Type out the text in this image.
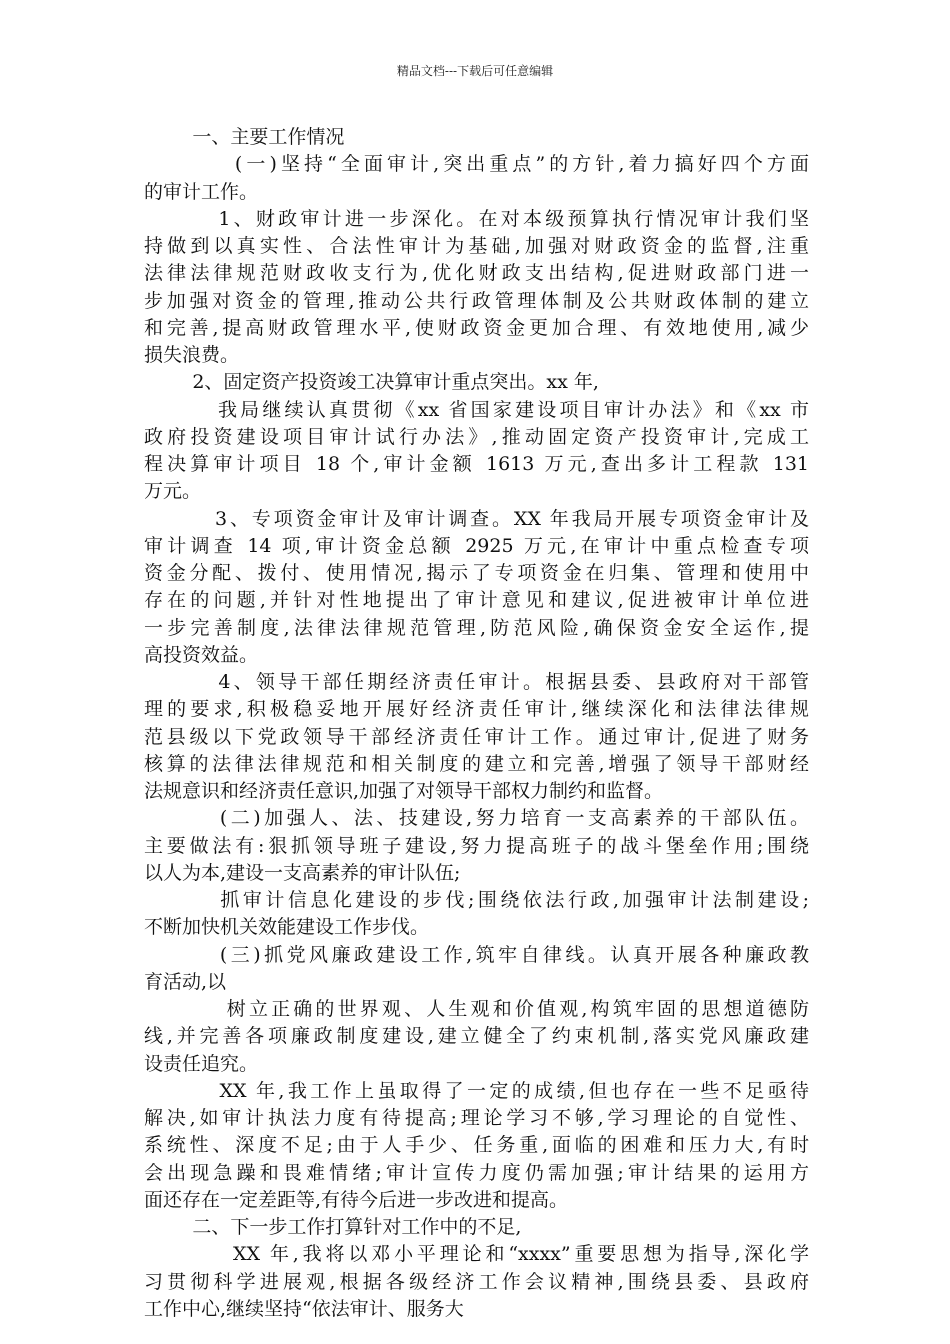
精品文档---下载后可任意编辑
一、主要工作情况
(一)坚持“全面审计,突出重点”的方针,着力搞好四个方面
的审计工作。
1、财政审计进一步深化。在对本级预算执行情况审计我们坚
持做到以真实性、合法性审计为基础,加强对财政资金的监督,注重
法律法律规范财政收支行为,优化财政支出结构,促进财政部门进一
步加强对资金的管理,推动公共行政管理体制及公共财政体制的建立
和完善,提高财政管理水平,使财政资金更加合理、有效地使用,减少
损失浪费。
2、固定资产投资竣工决算审计重点突出。xx 年,
我局继续认真贯彻《xx 省国家建设项目审计办法》和《xx 市
政府投资建设项目审计试行办法》,推动固定资产投资审计,完成工
程决算审计项目 18 个,审计金额 1613 万元,查出多计工程款 131
万元。
3、专项资金审计及审计调查。XX 年我局开展专项资金审计及
审计调查 14 项,审计资金总额 2925 万元,在审计中重点检查专项
资金分配、拨付、使用情况,揭示了专项资金在归集、管理和使用中
存在的问题,并针对性地提出了审计意见和建议,促进被审计单位进
一步完善制度,法律法律规范管理,防范风险,确保资金安全运作,提
高投资效益。
4、领导干部任期经济责任审计。根据县委、县政府对干部管
理的要求,积极稳妥地开展好经济责任审计,继续深化和法律法律规
范县级以下党政领导干部经济责任审计工作。通过审计,促进了财务
核算的法律法律规范和相关制度的建立和完善,增强了领导干部财经
法规意识和经济责任意识,加强了对领导干部权力制约和监督。
(二)加强人、法、技建设,努力培育一支高素养的干部队伍。
主要做法有:狠抓领导班子建设,努力提高班子的战斗堡垒作用;围绕
以人为本,建设一支高素养的审计队伍;
抓审计信息化建设的步伐;围绕依法行政,加强审计法制建设;
不断加快机关效能建设工作步伐。
(三)抓党风廉政建设工作,筑牢自律线。认真开展各种廉政教
育活动,以
树立正确的世界观、人生观和价值观,构筑牢固的思想道德防
线,并完善各项廉政制度建设,建立健全了约束机制,落实党风廉政建
设责任追究。
XX 年,我工作上虽取得了一定的成绩,但也存在一些不足亟待
解决,如审计执法力度有待提高;理论学习不够,学习理论的自觉性、
系统性、深度不足;由于人手少、任务重,面临的困难和压力大,有时
会出现急躁和畏难情绪;审计宣传力度仍需加强;审计结果的运用方
面还存在一定差距等,有待今后进一步改进和提高。
二、下一步工作打算针对工作中的不足,
XX 年,我将以邓小平理论和“xxxx”重要思想为指导,深化学
习贯彻科学进展观,根据各级经济工作会议精神,围绕县委、县政府
工作中心,继续坚持“依法审计、服务大
